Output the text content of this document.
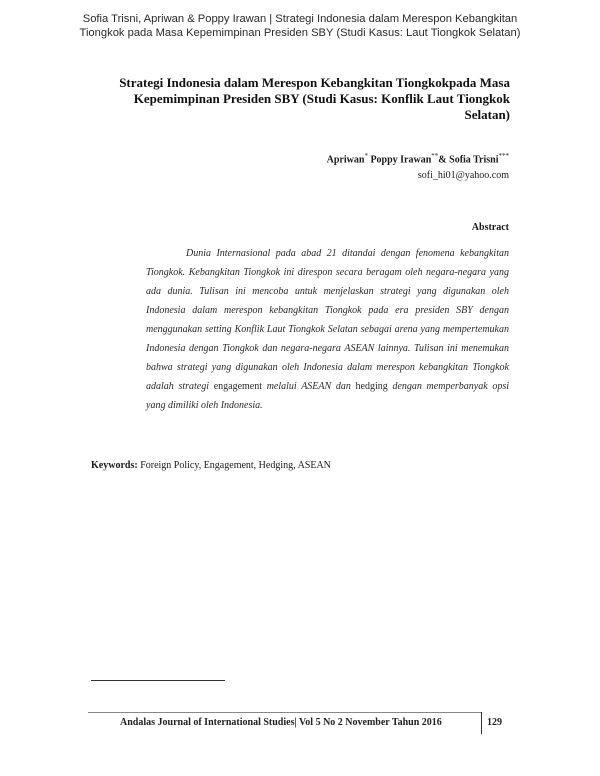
Sofia Trisni, Apriwan & Poppy Irawan | Strategi Indonesia dalam Merespon Kebangkitan Tiongkok pada Masa Kepemimpinan Presiden SBY (Studi Kasus: Laut Tiongkok Selatan)
Strategi Indonesia dalam Merespon Kebangkitan Tiongkokpada Masa Kepemimpinan Presiden SBY (Studi Kasus: Konflik Laut Tiongkok Selatan)
Apriwan* Poppy Irawan**& Sofia Trisni***
sofi_hi01@yahoo.com
Abstract
Dunia Internasional pada abad 21 ditandai dengan fenomena kebangkitan Tiongkok. Kebangkitan Tiongkok ini direspon secara beragam oleh negara-negara yang ada dunia. Tulisan ini mencoba untuk menjelaskan strategi yang digunakan oleh Indonesia dalam merespon kebangkitan Tiongkok pada era presiden SBY dengan menggunakan setting Konflik Laut Tiongkok Selatan sebagai arena yang mempertemukan Indonesia dengan Tiongkok dan negara-negara ASEAN lainnya. Tulisan ini menemukan bahwa strategi yang digunakan oleh Indonesia dalam merespon kebangkitan Tiongkok adalah strategi engagement melalui ASEAN dan hedging dengan memperbanyak opsi yang dimiliki oleh Indonesia.
Keywords: Foreign Policy, Engagement, Hedging, ASEAN
Andalas Journal of International Studies| Vol 5 No 2 November Tahun 2016	129
